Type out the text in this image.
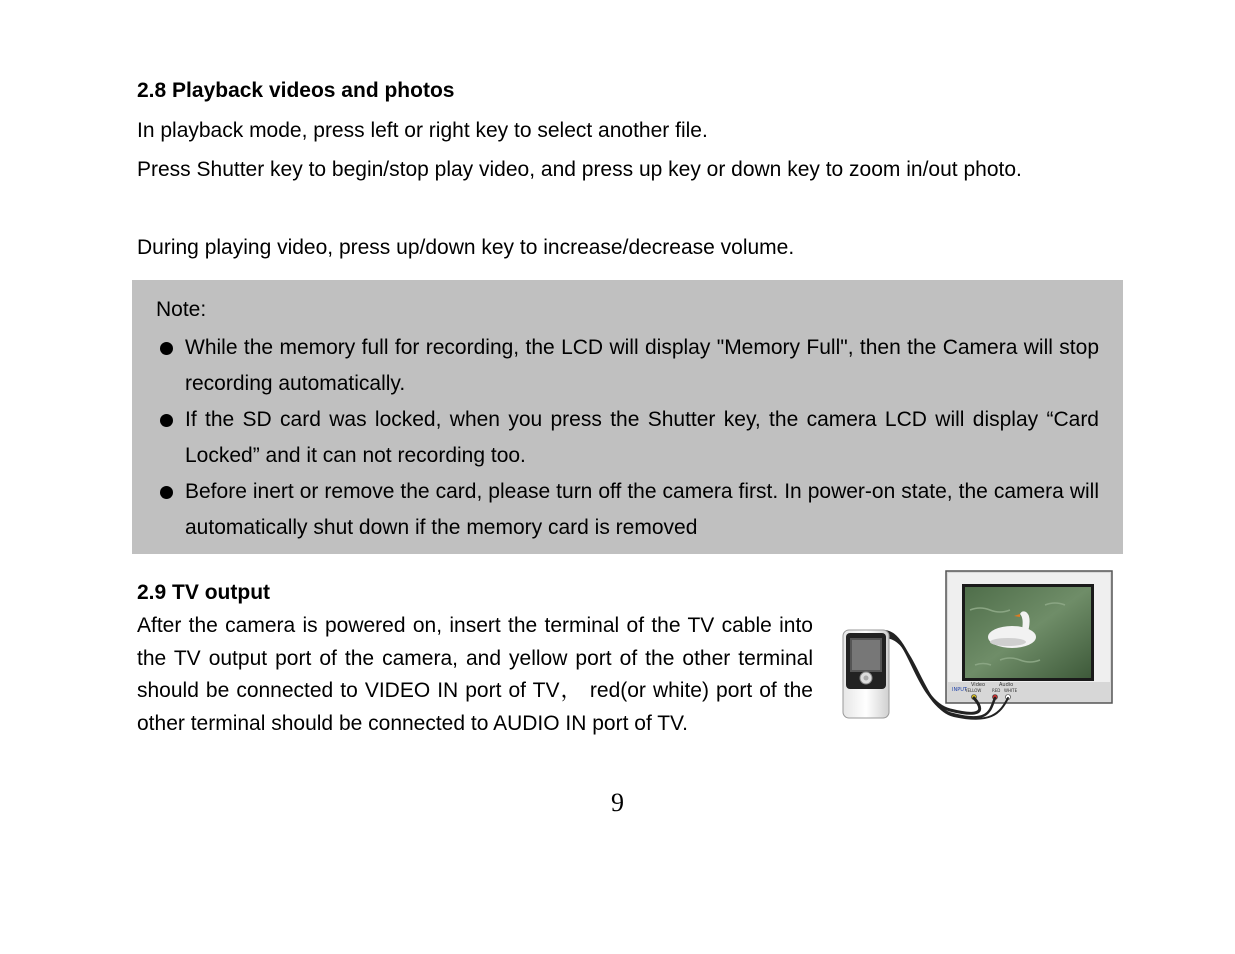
2.8 Playback videos and photos
In playback mode, press left or right key to select another file.
Press Shutter key to begin/stop play video, and press up key or down key to zoom in/out photo.
During playing video, press up/down key to increase/decrease volume.
Note:
While the memory full for recording, the LCD will display "Memory Full", then the Camera will stop recording automatically.
If the SD card was locked, when you press the Shutter key, the camera LCD will display “Card Locked” and it can not recording too.
Before inert or remove the card, please turn off the camera first. In power-on state, the camera will automatically shut down if the memory card is removed
2.9 TV output
After the camera is powered on, insert the terminal of the TV cable into the TV output port of the camera, and yellow port of the other terminal should be connected to VIDEO IN port of TV， red(or white) port of the other terminal should be connected to AUDIO IN port of TV.
INPUT
Video	Audio
YELLOW	RED WHITE
9
